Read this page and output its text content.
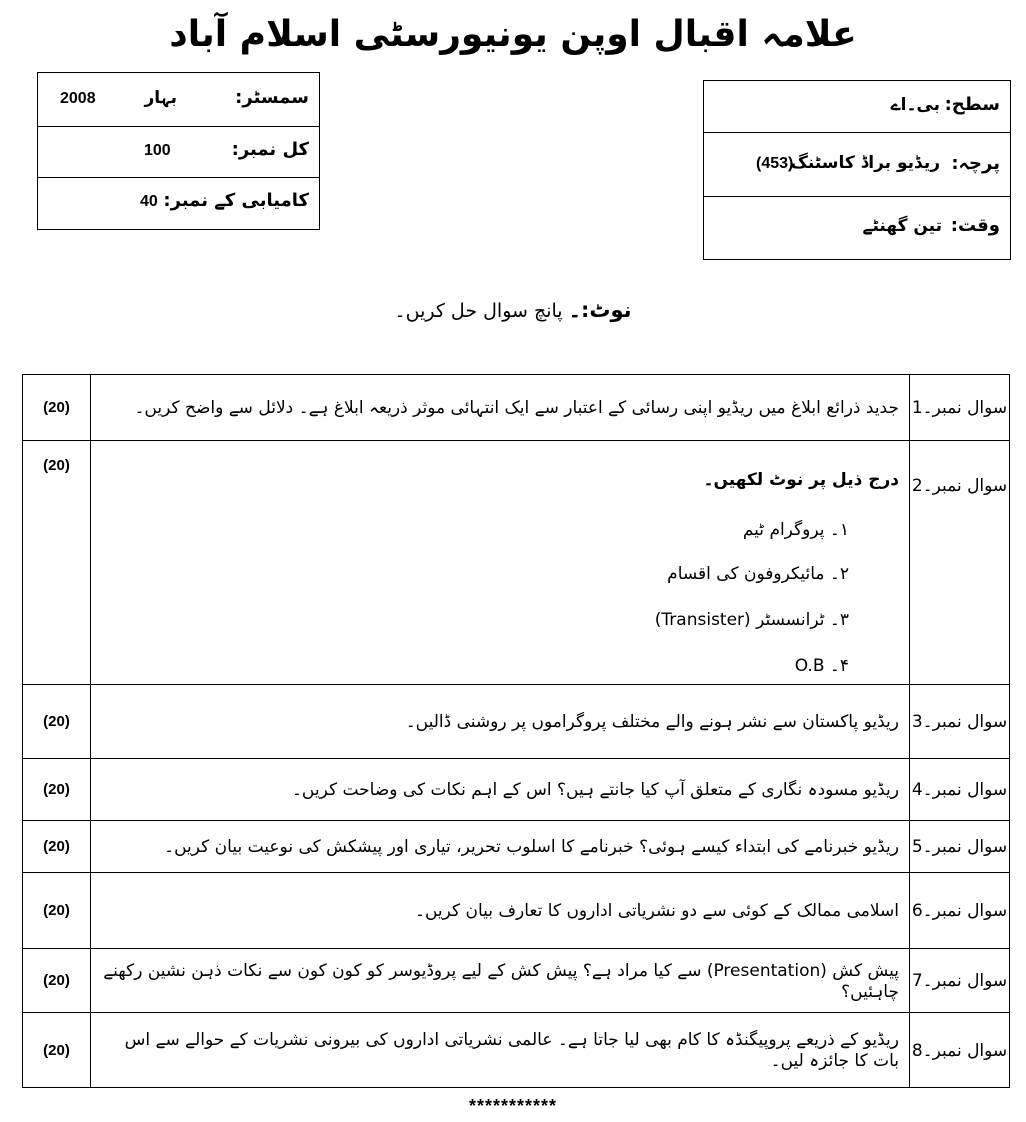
علامہ اقبال اوپن یونیورسٹی اسلام آباد
سمسٹر:
بہار
2008
کل نمبر:
100
کامیابی کے نمبر:
40
سطح:
بی۔اے
پرچہ:
ریڈیو براڈ کاسٹنگ
(453)
وقت:
تین گھنٹے
نوٹ:۔ پانچ سوال حل کریں۔
سوال نمبر۔1
جدید ذرائع ابلاغ میں ریڈیو اپنی رسائی کے اعتبار سے ایک انتہائی موثر ذریعہ ابلاغ ہے۔ دلائل سے واضح کریں۔
(20)
سوال نمبر۔2
(20)
درج ذیل پر نوٹ لکھیں۔
۱۔ پروگرام ٹیم
۲۔ مائیکروفون کی اقسام
۳۔ ٹرانسسٹر (Transister)
۴۔ O.B
سوال نمبر۔3
ریڈیو پاکستان سے نشر ہونے والے مختلف پروگراموں پر روشنی ڈالیں۔
(20)
سوال نمبر۔4
ریڈیو مسودہ نگاری کے متعلق آپ کیا جانتے ہیں؟ اس کے اہم نکات کی وضاحت کریں۔
(20)
سوال نمبر۔5
ریڈیو خبرنامے کی ابتداء کیسے ہوئی؟ خبرنامے کا اسلوب تحریر، تیاری اور پیشکش کی نوعیت بیان کریں۔
(20)
سوال نمبر۔6
اسلامی ممالک کے کوئی سے دو نشریاتی اداروں کا تعارف بیان کریں۔
(20)
سوال نمبر۔7
پیش کش (Presentation) سے کیا مراد ہے؟ پیش کش کے لیے پروڈیوسر کو کون کون سے نکات ذہن نشین رکھنے چاہئیں؟
(20)
سوال نمبر۔8
ریڈیو کے ذریعے پروپیگنڈہ کا کام بھی لیا جاتا ہے۔ عالمی نشریاتی اداروں کی بیرونی نشریات کے حوالے سے اس بات کا جائزہ لیں۔
(20)
***********
